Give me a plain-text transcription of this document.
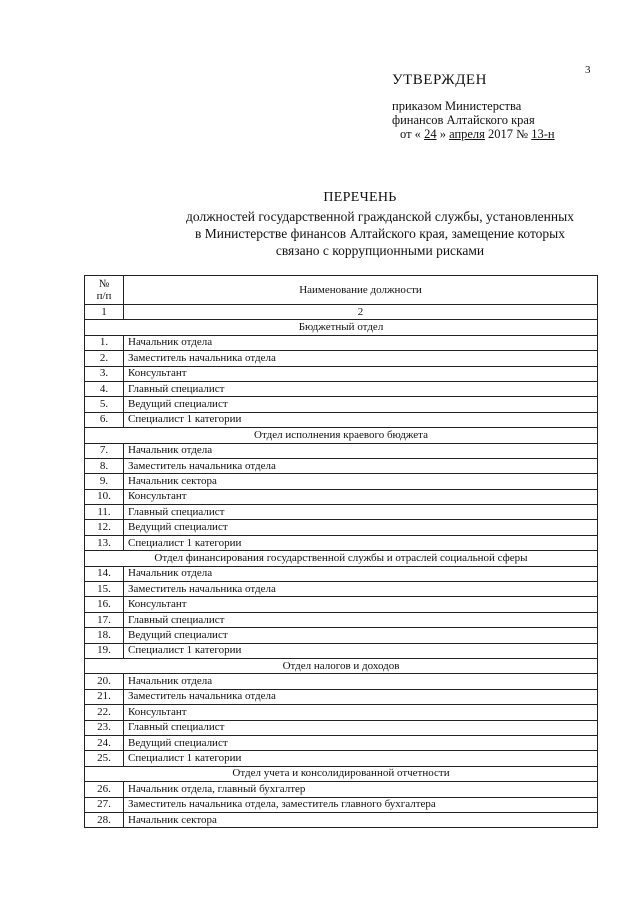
3
УТВЕРЖДЕН
приказом Министерства
финансов Алтайского края
от « 24 » апреля 2017 № 13-н
ПЕРЕЧЕНЬ
должностей государственной гражданской службы, установленных
в Министерстве финансов Алтайского края, замещение которых
связано с коррупционными рисками
№
п/п	Наименование должности
1	2
Бюджетный отдел	
1.	Начальник отдела
2.	Заместитель начальника отдела
3.	Консультант
4.	Главный специалист
5.	Ведущий специалист
6.	Специалист 1 категории
Отдел исполнения краевого бюджета	
7.	Начальник отдела
8.	Заместитель начальника отдела
9.	Начальник сектора
10.	Консультант
11.	Главный специалист
12.	Ведущий специалист
13.	Специалист 1 категории
Отдел финансирования государственной службы и отраслей социальной сферы	
14.	Начальник отдела
15.	Заместитель начальника отдела
16.	Консультант
17.	Главный специалист
18.	Ведущий специалист
19.	Специалист 1 категории
Отдел налогов и доходов	
20.	Начальник отдела
21.	Заместитель начальника отдела
22.	Консультант
23.	Главный специалист
24.	Ведущий специалист
25.	Специалист 1 категории
Отдел учета и консолидированной отчетности	
26.	Начальник отдела, главный бухгалтер
27.	Заместитель начальника отдела, заместитель главного бухгалтера
28.	Начальник сектора
